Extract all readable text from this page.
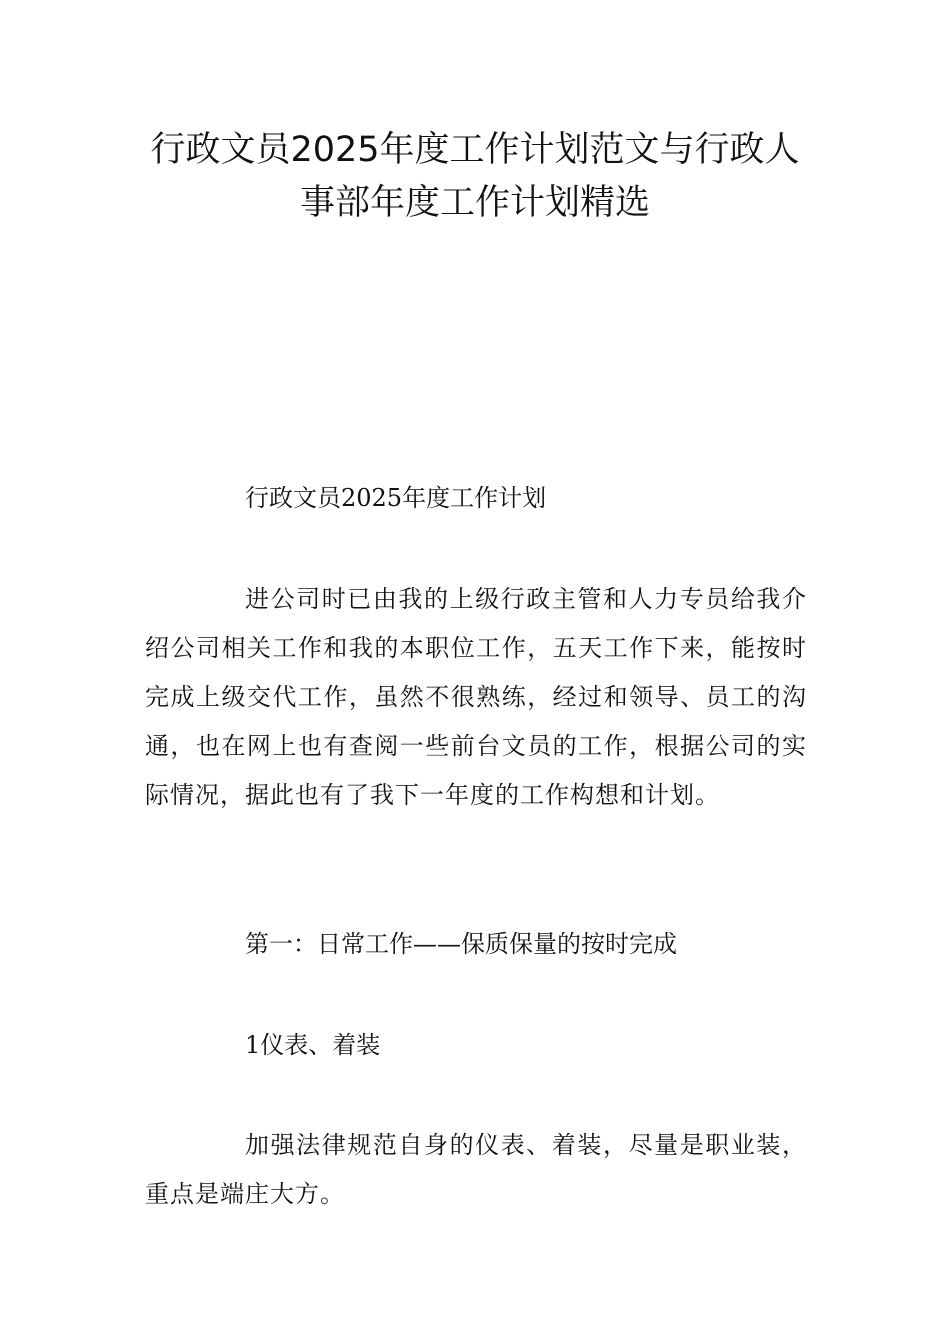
行政文员2025年度工作计划范文与行政人
事部年度工作计划精选

行政文员2025年度工作计划

进公司时已由我的上级行政主管和人力专员给我介绍公司相关工作和我的本职位工作，五天工作下来，能按时完成上级交代工作，虽然不很熟练，经过和领导、员工的沟通，也在网上也有查阅一些前台文员的工作，根据公司的实际情况，据此也有了我下一年度的工作构想和计划。

第一：日常工作——保质保量的按时完成

1仪表、着装

加强法律规范自身的仪表、着装，尽量是职业装，重点是端庄大方。
